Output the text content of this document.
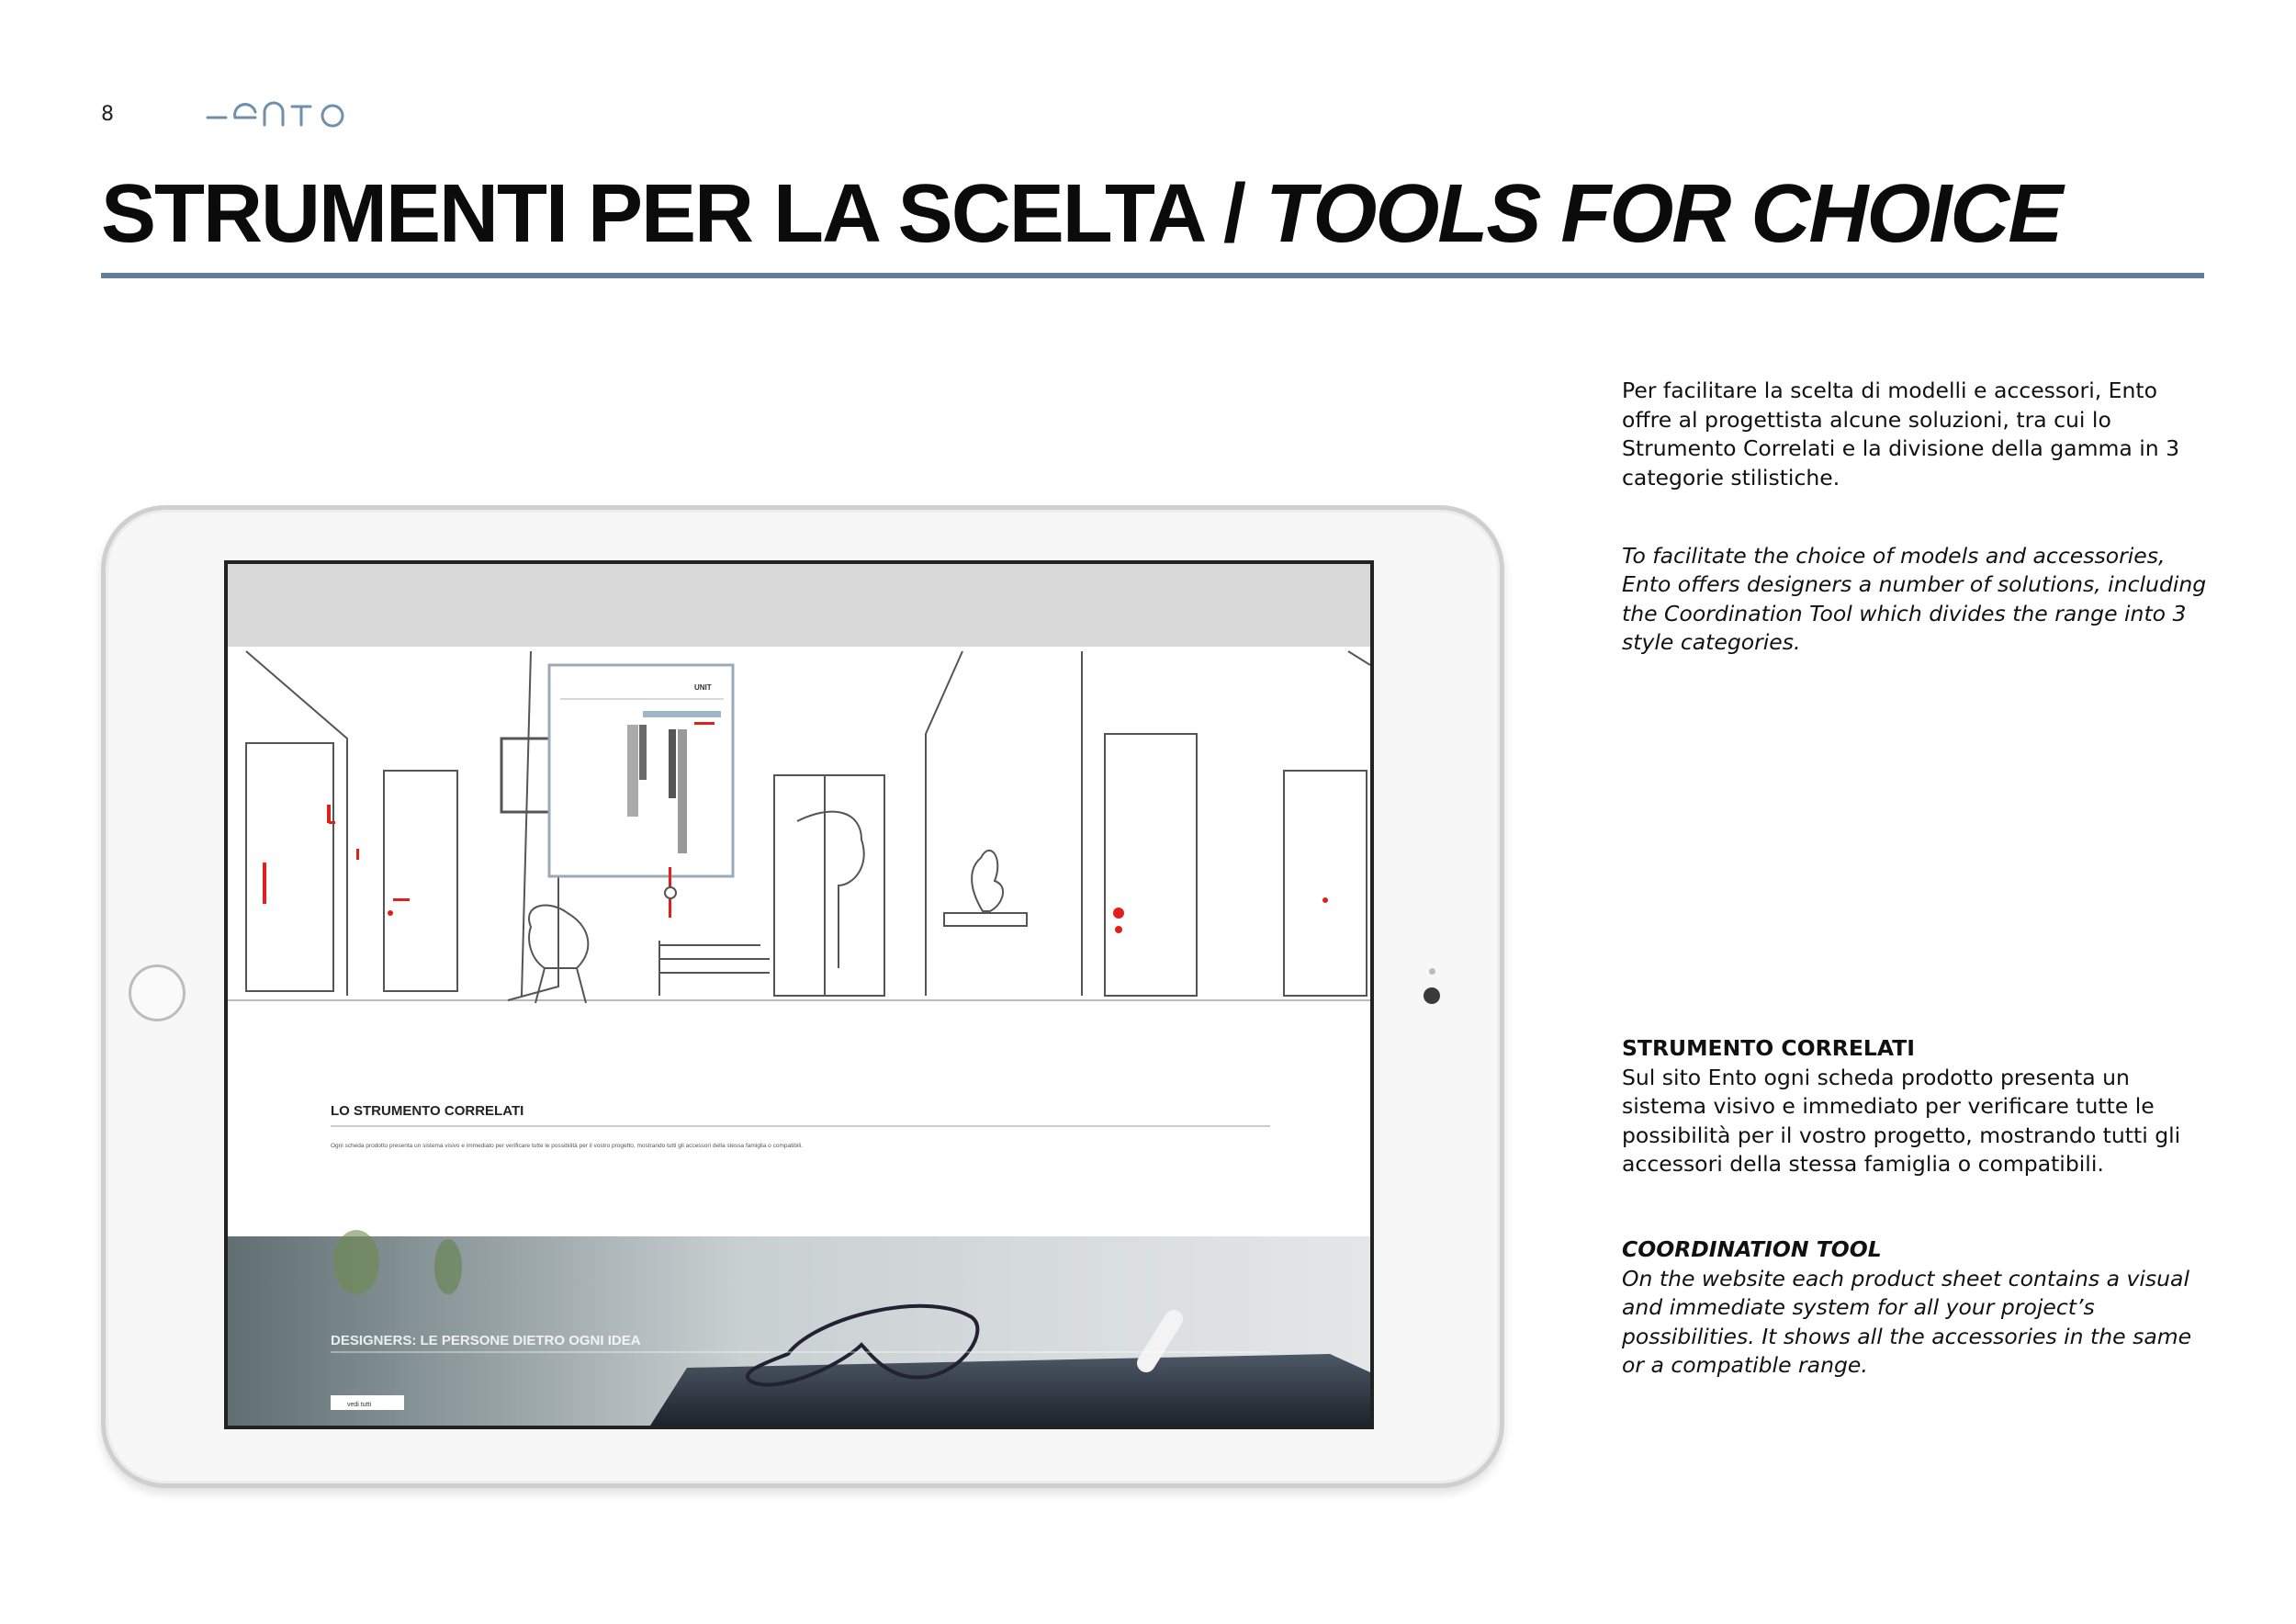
8
STRUMENTI PER LA SCELTA / TOOLS FOR CHOICE
UNIT
LO STRUMENTO CORRELATI
Ogni scheda prodotto presenta un sistema visivo e immediato per verificare tutte le possibilità per il vostro progetto, mostrando tutti gli accessori della stessa famiglia o compatibili.
DESIGNERS: LE PERSONE DIETRO OGNI IDEA
vedi tutti

Per facilitare la scelta di modelli e accessori, Ento offre al progettista alcune soluzioni, tra cui lo Strumento Correlati e la divisione della gamma in 3 categorie stilistiche.

To facilitate the choice of models and accessories, Ento offers designers a number of solutions, including the Coordination Tool which divides the range into 3 style categories.

STRUMENTO CORRELATI

Sul sito Ento ogni scheda prodotto presenta un sistema visivo e immediato per verificare tutte le possibilità per il vostro progetto, mostrando tutti gli accessori della stessa famiglia o compatibili.

COORDINATION TOOL

On the website each product sheet contains a visual and immediate system for all your project’s possibilities. It shows all the accessories in the same or a compatible range.
